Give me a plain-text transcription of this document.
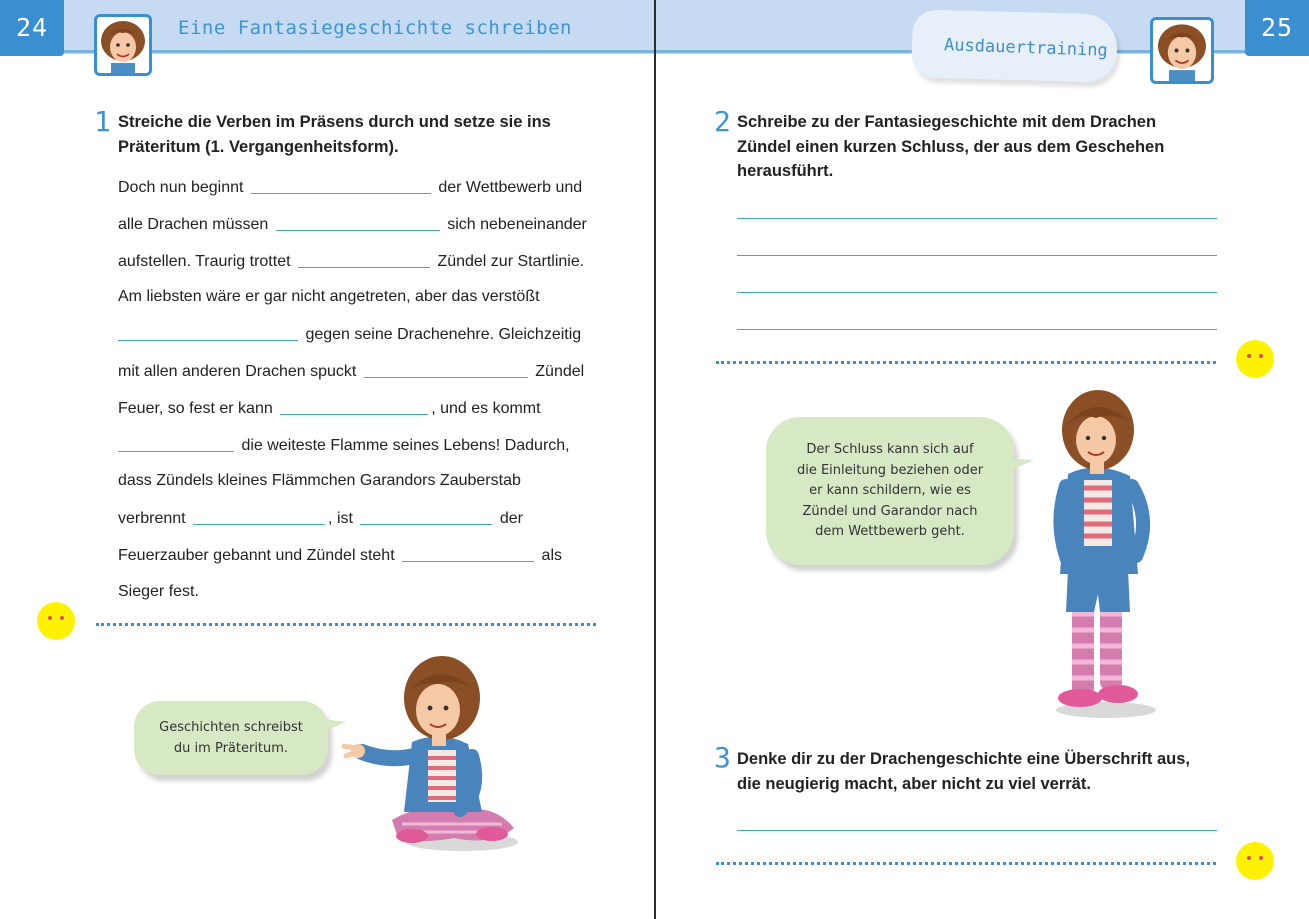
24	Eine Fantasiegeschichte schreiben
1 Streiche die Verben im Präsens durch und setze sie ins
Präteritum (1. Vergangenheitsform).
Doch nun beginnt	der Wettbewerb und
alle Drachen müssen	sich nebeneinander
aufstellen. Traurig trottet	Zündel zur Startlinie.
Am liebsten wäre er gar nicht angetreten, aber das verstößt
gegen seine Drachenehre. Gleichzeitig
mit allen anderen Drachen spuckt	Zündel
Feuer, so fest er kann	, und es kommt
die weiteste Flamme seines Lebens! Dadurch,
dass Zündels kleines Flämmchen Garandors Zauberstab
verbrennt	, ist	der
Feuerzauber gebannt und Zündel steht	als
Sieger fest.
Geschichten schreibst
du im Präteritum.
25
Ausdauertraining
2 Schreibe zu der Fantasiegeschichte mit dem Drachen
Zündel einen kurzen Schluss, der aus dem Geschehen
herausführt.
Der Schluss kann sich auf
die Einleitung beziehen oder
er kann schildern, wie es
Zündel und Garandor nach
dem Wettbewerb geht.
3 Denke dir zu der Drachengeschichte eine Überschrift aus,
die neugierig macht, aber nicht zu viel verrät.
